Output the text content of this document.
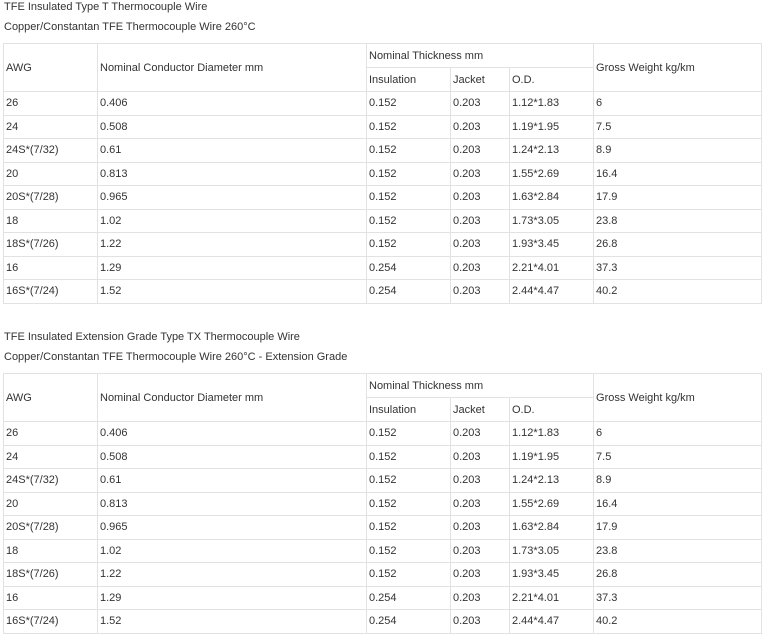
TFE Insulated Type T Thermocouple Wire
Copper/Constantan TFE Thermocouple Wire 260°C
AWG	Nominal Conductor Diameter mm	Nominal Thickness mm			Gross Weight kg/km
		Insulation	Jacket	O.D.	
26	0.406	0.152	0.203	1.12*1.83	6
24	0.508	0.152	0.203	1.19*1.95	7.5
24S*(7/32)	0.61	0.152	0.203	1.24*2.13	8.9
20	0.813	0.152	0.203	1.55*2.69	16.4
20S*(7/28)	0.965	0.152	0.203	1.63*2.84	17.9
18	1.02	0.152	0.203	1.73*3.05	23.8
18S*(7/26)	1.22	0.152	0.203	1.93*3.45	26.8
16	1.29	0.254	0.203	2.21*4.01	37.3
16S*(7/24)	1.52	0.254	0.203	2.44*4.47	40.2
TFE Insulated Extension Grade Type TX Thermocouple Wire
Copper/Constantan TFE Thermocouple Wire 260°C - Extension Grade
AWG	Nominal Conductor Diameter mm	Nominal Thickness mm			Gross Weight kg/km
		Insulation	Jacket	O.D.	
26	0.406	0.152	0.203	1.12*1.83	6
24	0.508	0.152	0.203	1.19*1.95	7.5
24S*(7/32)	0.61	0.152	0.203	1.24*2.13	8.9
20	0.813	0.152	0.203	1.55*2.69	16.4
20S*(7/28)	0.965	0.152	0.203	1.63*2.84	17.9
18	1.02	0.152	0.203	1.73*3.05	23.8
18S*(7/26)	1.22	0.152	0.203	1.93*3.45	26.8
16	1.29	0.254	0.203	2.21*4.01	37.3
16S*(7/24)	1.52	0.254	0.203	2.44*4.47	40.2
